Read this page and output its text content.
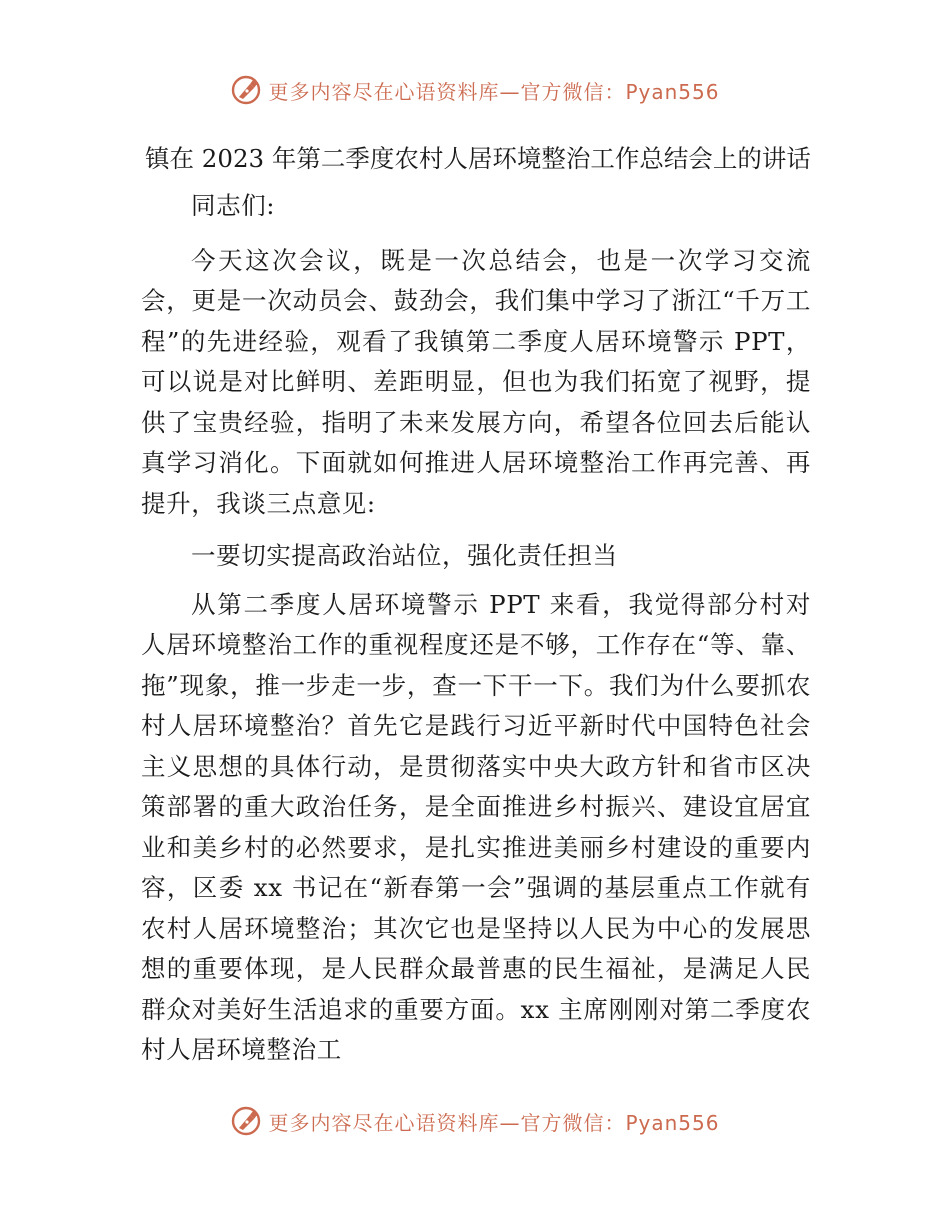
更多内容尽在心语资料库—官方微信：Pyan556

镇在 2023 年第二季度农村人居环境整治工作总结会上的讲话

同志们:

今天这次会议，既是一次总结会，也是一次学习交流会，更是一次动员会、鼓劲会，我们集中学习了浙江“千万工程”的先进经验，观看了我镇第二季度人居环境警示 PPT，可以说是对比鲜明、差距明显，但也为我们拓宽了视野，提供了宝贵经验，指明了未来发展方向，希望各位回去后能认真学习消化。下面就如何推进人居环境整治工作再完善、再提升，我谈三点意见:

一要切实提高政治站位，强化责任担当

从第二季度人居环境警示 PPT 来看，我觉得部分村对人居环境整治工作的重视程度还是不够，工作存在“等、靠、拖”现象，推一步走一步，查一下干一下。我们为什么要抓农村人居环境整治？首先它是践行习近平新时代中国特色社会主义思想的具体行动，是贯彻落实中央大政方针和省市区决策部署的重大政治任务，是全面推进乡村振兴、建设宜居宜业和美乡村的必然要求，是扎实推进美丽乡村建设的重要内容，区委 xx 书记在“新春第一会”强调的基层重点工作就有农村人居环境整治；其次它也是坚持以人民为中心的发展思想的重要体现，是人民群众最普惠的民生福祉，是满足人民群众对美好生活追求的重要方面。xx 主席刚刚对第二季度农村人居环境整治工

更多内容尽在心语资料库—官方微信：Pyan556
